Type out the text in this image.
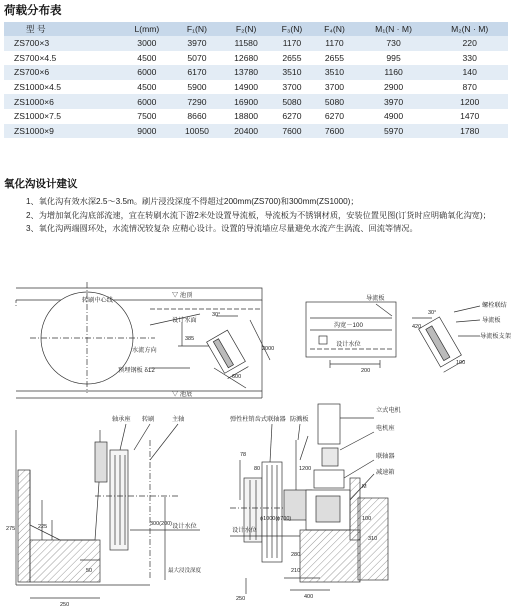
荷载分布表
型 号	L(mm)	F₁(N)	F₂(N)	F₃(N)	F₄(N)	M₁(N · M)	M₂(N · M)
ZS700×3	3000	3970	11580	1170	1170	730	220
ZS700×4.5	4500	5070	12680	2655	2655	995	330
ZS700×6	6000	6170	13780	3510	3510	1160	140
ZS1000×4.5	4500	5900	14900	3700	3700	2900	870
ZS1000×6	6000	7290	16900	5080	5080	3970	1200
ZS1000×7.5	7500	8660	18800	6270	6270	4900	1470
ZS1000×9	9000	10050	20400	7600	7600	5970	1780
氧化沟设计建议

1、氧化沟有效水深2.5～3.5m。刷片浸没深度不得超过200mm(ZS700)和300mm(ZS1000)；

2、为增加氧化沟底部流速，宜在转刷水流下游2米处设置导流板，导流板为不锈钢材质，安装位置见图(订货时应明确氧化沟宽)；

3、氧化沟两端圆环处，水流情况较复杂 应精心设计。设置的导流墙应尽量避免水流产生涡流、回流等情况。

转刷中心线
▽ 池顶
设计水面
水流方向
预埋钢板 δ12
▽ 池底
385
30°
2000
600
导流板
沟宽－100
设计水位
200
螺栓联结
导流板
导流板支架
30°
420
100
轴承座 转刷	主轴
275	225
50
250
300(200) 设计水位
最大浸没深度
弹性柱销齿式联轴器 防溅板
立式电机
电机座
联轴器
减速箱
78
80	1200
ϕ1000(ϕ700)
280
250
210
400
310
100
M
设计水位
